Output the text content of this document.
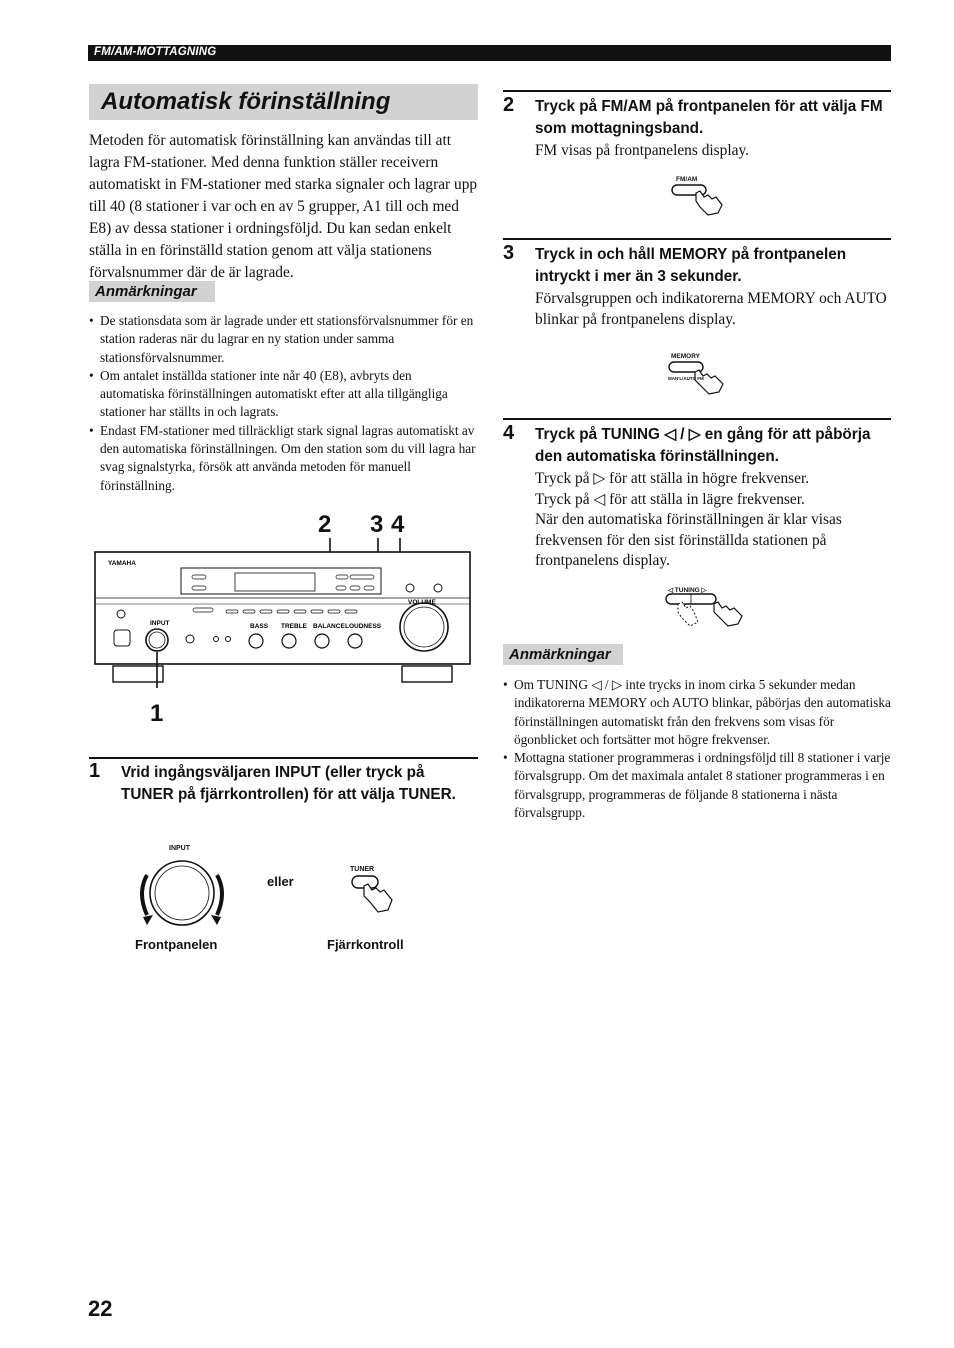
FM/AM-MOTTAGNING
Automatisk förinställning
Metoden för automatisk förinställning kan användas till att lagra FM-stationer. Med denna funktion ställer receivern automatiskt in FM-stationer med starka signaler och lagrar upp till 40 (8 stationer i var och en av 5 grupper, A1 till och med E8) av dessa stationer i ordningsföljd. Du kan sedan enkelt ställa in en förinställd station genom att välja stationens förvalsnummer där de är lagrade.
Anmärkningar
• De stationsdata som är lagrade under ett stationsförvalsnummer för en station raderas när du lagrar en ny station under samma stationsförvalsnummer.
• Om antalet inställda stationer inte når 40 (E8), avbryts den automatiska förinställningen automatiskt efter att alla tillgängliga stationer har ställts in och lagrats.
• Endast FM-stationer med tillräckligt stark signal lagras automatiskt av den automatiska förinställningen. Om den station som du vill lagra har svag signalstyrka, försök att använda metoden för manuell förinställning.
2 3 4
1
YAMAHA
INPUT	BASS TREBLE BALANCE LOUDNESS
VOLUME
1 Vrid ingångsväljaren INPUT (eller tryck på TUNER på fjärrkontrollen) för att välja TUNER.
INPUT
eller
TUNER
Frontpanelen	Fjärrkontroll
2 Tryck på FM/AM på frontpanelen för att välja FM som mottagningsband.
FM visas på frontpanelens display.
FM/AM
3 Tryck in och håll MEMORY på frontpanelen intryckt i mer än 3 sekunder.
Förvalsgruppen och indikatorerna MEMORY och AUTO blinkar på frontpanelens display.
MEMORY
MAN'L/AUTO FM
4 Tryck på TUNING ◁ / ▷ en gång för att påbörja den automatiska förinställningen.
Tryck på ▷ för att ställa in högre frekvenser.
Tryck på ◁ för att ställa in lägre frekvenser.
När den automatiska förinställningen är klar visas frekvensen för den sist förinställda stationen på frontpanelens display.
◁ TUNING ▷
Anmärkningar
• Om TUNING ◁ / ▷ inte trycks in inom cirka 5 sekunder medan indikatorerna MEMORY och AUTO blinkar, påbörjas den automatiska förinställningen automatiskt från den frekvens som visas för ögonblicket och fortsätter mot högre frekvenser.
• Mottagna stationer programmeras i ordningsföljd till 8 stationer i varje förvalsgrupp. Om det maximala antalet 8 stationer programmeras i en förvalsgrupp, programmeras de följande 8 stationerna i nästa förvalsgrupp.
22
